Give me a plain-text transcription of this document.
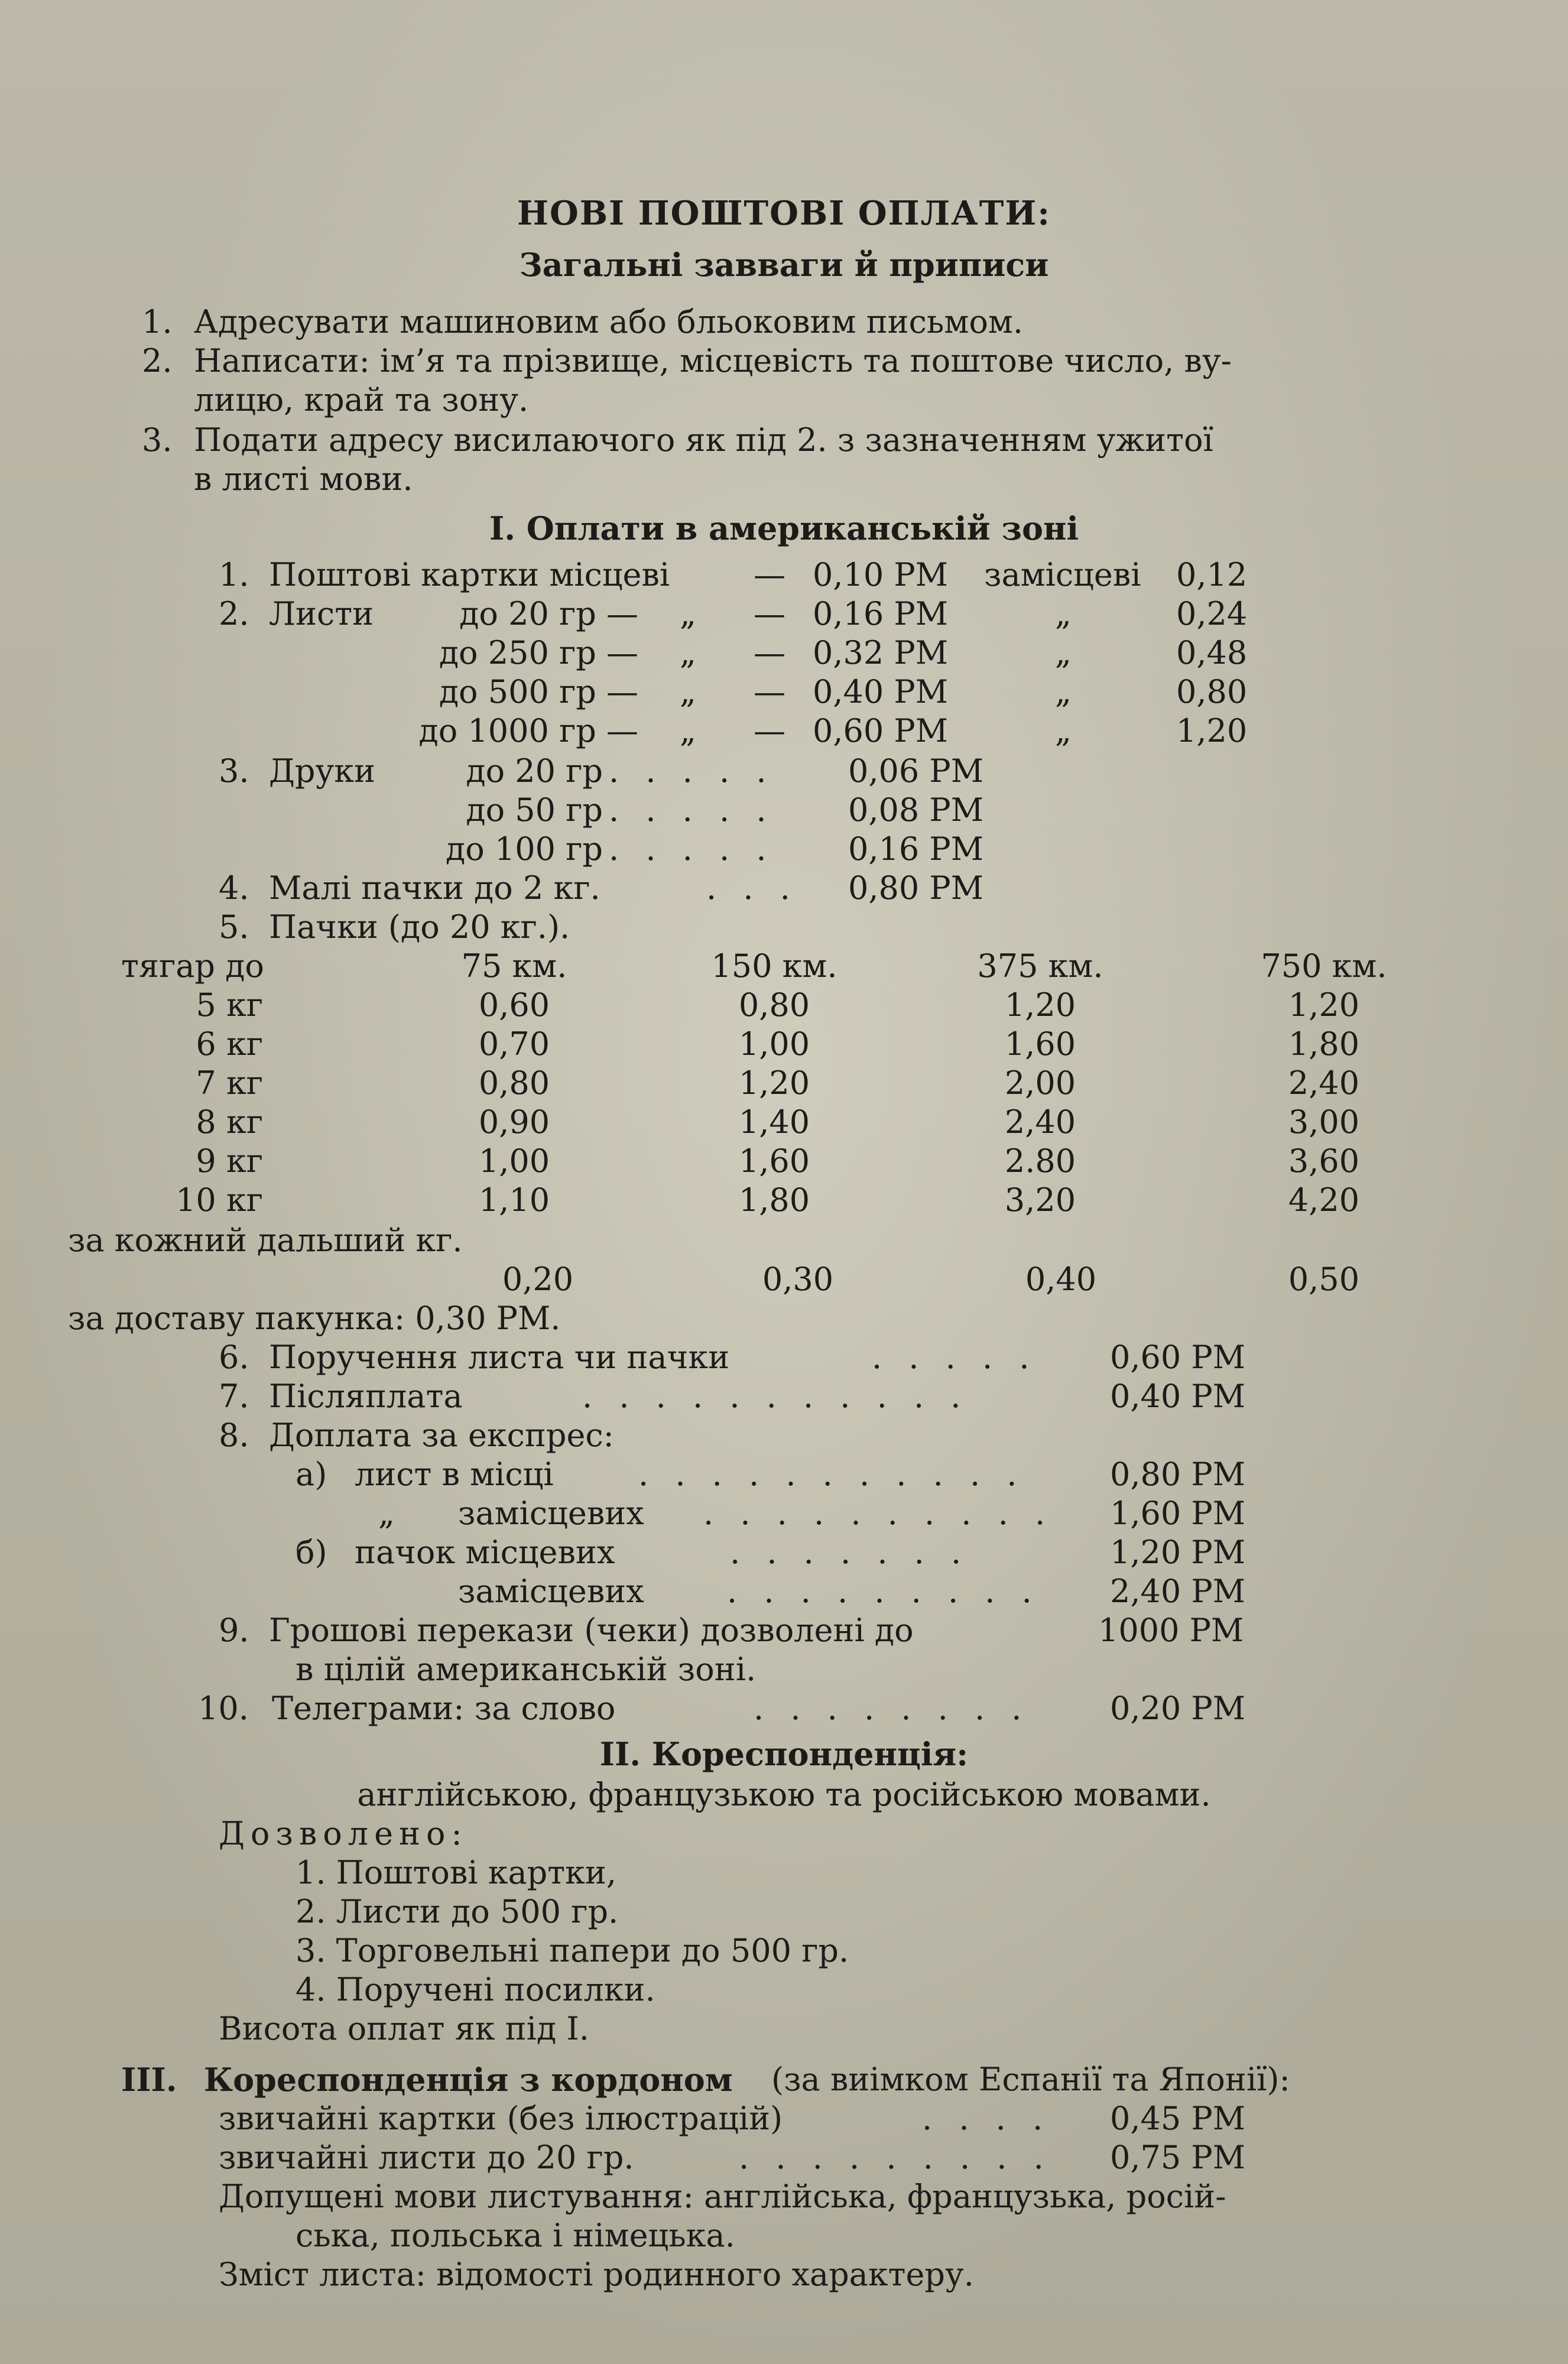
НОВІ ПОШТОВІ ОПЛАТИ:
Загальні завваги й приписи
1. Адресувати машиновим або бльоковим письмом.
2. Написати: ім’я та прізвище, місцевість та поштове число, ву-
лицю, край та зону.
3. Подати адресу висилаючого як під 2. з зазначенням ужитої
в листі мови.
I. Оплати в американській зоні
1. Поштові картки місцеві	— 0,10 РМ замісцеві 0,12
2. Листи	до 20 гр — „ — 0,16 РМ	„	0,24
до 250 гр — „ — 0,32 РМ	„	0,48
до 500 гр — „ — 0,40 РМ	„	0,80
до 1000 гр — „ — 0,60 РМ	„	1,20
3. Друки	до 20 гр . . . . . 0,06 РМ
до 50 гр . . . . . 0,08 РМ
до 100 гр . . . . . 0,16 РМ
4. Малі пачки до 2 кг.	. . . 0,80 РМ
5. Пачки (до 20 кг.).
тягар до	75 км.	150 км.	375 км.	750 км.
5 кг	0,60	0,80	1,20	1,20
6 кг	0,70	1,00	1,60	1,80
7 кг	0,80	1,20	2,00	2,40
8 кг	0,90	1,40	2,40	3,00
9 кг	1,00	1,60	2.80	3,60
10 кг	1,10	1,80	3,20	4,20
за кожний дальший кг.
0,20	0,30	0,40	0,50
за доставу пакунка: 0,30 РМ.
6. Поручення листа чи пачки	. . . . . 0,60 РМ
7. Післяплата	. . . . . . . . . . .	0,40 РМ
8. Доплата за експрес:
а) лист в місці	. . . . . . . . . . .	0,80 РМ
„ замісцевих . . . . . . . . . . 1,60 РМ
б) пачок місцевих	. . . . . . .	1,20 РМ
замісцевих	. . . . . . . . . 2,40 РМ
9. Грошові перекази (чеки) дозволені до	1000 РМ
в цілій американській зоні.
10. Телеграми: за слово	. . . . . . . .	0,20 РМ
II. Кореспонденція:
англійською, французькою та російською мовами.
Дозволено:
1. Поштові картки,
2. Листи до 500 гр.
3. Торговельні папери до 500 гр.
4. Поручені посилки.
Висота оплат як під I.
III. Кореспонденція з кордоном (за виімком Еспанії та Японії):
звичайні картки (без ілюстрацій)	. . . . 0,45 РМ
звичайні листи до 20 гр.	. . . . . . . . . 0,75 РМ
Допущені мови листування: англійська, французька, росій-
ська, польська і німецька.
Зміст листа: відомості родинного характеру.
